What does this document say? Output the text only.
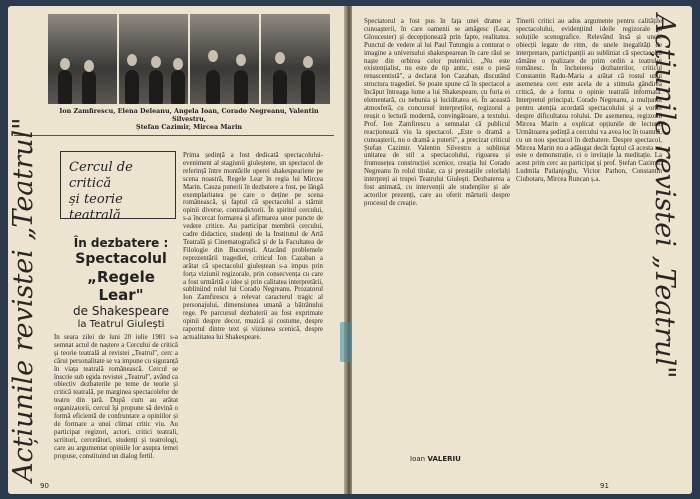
Ion Zamfirescu, Elena Deleanu, Angela Ioan, Corado Negreanu, Valentin Silvestru,
Ștefan Cazimir, Mircea Marin
Cercul de critică
și teorie teatrală
În dezbatere :
Spectacolul
„Regele Lear"
de Shakespeare
la Teatrul Giulești
În seara zilei de luni 20 iulie 1981 s-a semnat actul de naștere a Cercului de critică și teorie teatrală al revistei „Teatrul", cerc a cărui personalitate se va impune cu siguranță în viața teatrală românească. Cercul se înscrie sub egida revistei „Teatrul", având ca obiectiv dezbaterile pe teme de teorie și critică teatrală, pe marginea spectacolelor de teatru din țară. După cum au arătat organizatorii, cercul își propune să devină o formă eficientă de confruntare a opiniilor și de formare a unui climat critic viu. Au participat regizori, actori, critici teatrali, scriitori, cercetători, studenți și teatrologi, care au argumentat opiniile lor asupra temei propuse, constituind un dialog fertil.
Prima ședință a fost dedicată spectacolului-eveniment al stagiunii giuleștene, un spectacol de referință între montările operei shakespeariene pe scena noastră, Regele Lear în regia lui Mircea Marin. Cauza punerii în dezbatere a fost, pe lângă exemplaritatea pe care o deține pe scena românească, și faptul că spectacolul a stârnit opinii diverse, contradictorii. În spiritul cercului, s-a încercat formarea și afirmarea unor puncte de vedere critice. Au participat membrii cercului, cadre didactice, studenți de la Institutul de Artă Teatrală și Cinematografică și de la Facultatea de Filologie din București. Atacând problemele reprezentării tragediei, criticul Ion Cazaban a arătat că spectacolul giuleștean s-a impus prin forța viziunii regizorale, prin consecvența cu care a fost urmărită o idee și prin calitatea interpretării, subliniind rolul lui Corado Negreanu. Prozatorul Ion Zamfirescu a relevat caracterul tragic al personajului, dimensiunea umană a bătrânului rege. Pe parcursul dezbaterii au fost exprimate opinii despre decor, muzică și costume, despre raportul dintre text și viziunea scenică, despre actualitatea lui Shakespeare.
90
Acțiunile revistei „Teatrul"
Spectatorul a fost pus în fața unei drame a cunoașterii, în care oamenii se amăgesc (Lear, Gloucester) și decepționează prin fapte, realitatea. Punctul de vedere al lui Paul Tutungiu a conturat o imagine a universului shakespearean în care răul se naște din orbirea celor puternici. „Nu este existențialist, nu este de tip antic, este o piesă renascentistă", a declarat Ion Cazaban, discutând structura tragediei. Se poate spune că în spectacol a încăput întreaga lume a lui Shakespeare, cu furia ei elementară, cu nebunia și luciditatea ei. În această atmosferă, cu concursul interpreților, regizorul a reușit o lectură modernă, convingătoare, a textului. Prof. Ion Zamfirescu a semnalat că publicul reacționează viu la spectacol. „Este o dramă a cunoașterii, nu o dramă a puterii", a precizat criticul Ștefan Cazimir. Valentin Silvestru a subliniat unitatea de stil a spectacolului, rigoarea și frumusețea construcției scenice, creația lui Corado Negreanu în rolul titular, ca și prestațiile celorlalți interpreți ai trupei Teatrului Giulești. Dezbaterea a fost animată, cu intervenții ale studenților și ale actorilor prezenți, care au oferit mărturii despre procesul de creație.
Tinerii critici au adus argumente pentru calitățile spectacolului, evidențiind ideile regizorale și soluțiile scenografice. Relevând însă și unele obiecții legate de ritm, de unele inegalități de interpretare, participanții au subliniat că spectacolul rămâne o realizare de prim ordin a teatrului românesc. În încheierea dezbaterilor, criticul Constantin Radu-Maria a arătat că rostul unui asemenea cerc este acela de a stimula gândirea critică, de a forma o opinie teatrală informată. Interpretul principal, Corado Negreanu, a mulțumit pentru atenția acordată spectacolului și a vorbit despre dificultatea rolului. De asemenea, regizorul Mircea Marin a explicat opțiunile de lectură. Următoarea ședință a cercului va avea loc în toamnă, cu un nou spectacol în dezbatere. Despre spectacol, Mircea Marin nu a adăugat decât faptul că acesta nu este o demonstrație, ci o invitație la meditație. La acest prim cerc au participat și prof. Ștefan Cazimir, Ludmila Patlanjoglu, Victor Parhon, Constantin Ciubotaru, Mircea Runcan ș.a.
Ioan VALERIU
91
Acțiunile revistei „Teatrul"
